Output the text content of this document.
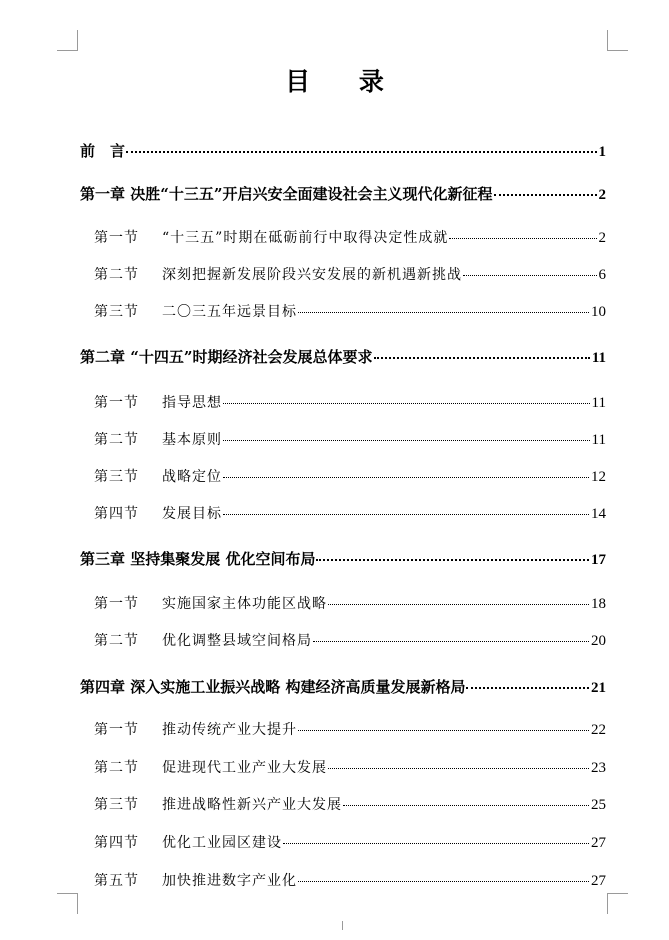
目 录
前　言	1
第一章 决胜“十三五”开启兴安全面建设社会主义现代化新征程	2
第一节 “十三五”时期在砥砺前行中取得决定性成就	2
第二节 深刻把握新发展阶段兴安发展的新机遇新挑战	6
第三节 二〇三五年远景目标	10
第二章 “十四五”时期经济社会发展总体要求	11
第一节 指导思想	11
第二节 基本原则	11
第三节 战略定位	12
第四节 发展目标	14
第三章 坚持集聚发展 优化空间布局	17
第一节 实施国家主体功能区战略	18
第二节 优化调整县域空间格局	20
第四章 深入实施工业振兴战略 构建经济高质量发展新格局	21
第一节 推动传统产业大提升	22
第二节 促进现代工业产业大发展	23
第三节 推进战略性新兴产业大发展	25
第四节 优化工业园区建设	27
第五节 加快推进数字产业化	27
